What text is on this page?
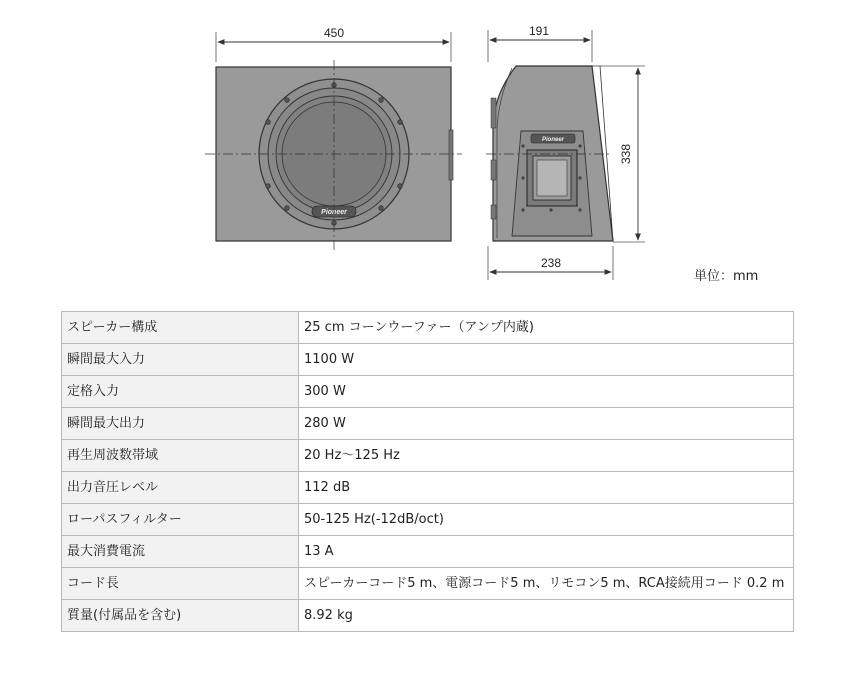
450
Pioneer
191
338
Pioneer
238
単位：mm
スピーカー構成	25 cm コーンウーファー（アンプ内蔵)
瞬間最大入力	1100 W
定格入力	300 W
瞬間最大出力	280 W
再生周波数帯域	20 Hz～125 Hz
出力音圧レベル	112 dB
ローパスフィルター	50-125 Hz(-12dB/oct)
最大消費電流	13 A
コード長	スピーカーコード5 m、電源コード5 m、リモコン5 m、RCA接続用コード 0.2 m
質量(付属品を含む)	8.92 kg
